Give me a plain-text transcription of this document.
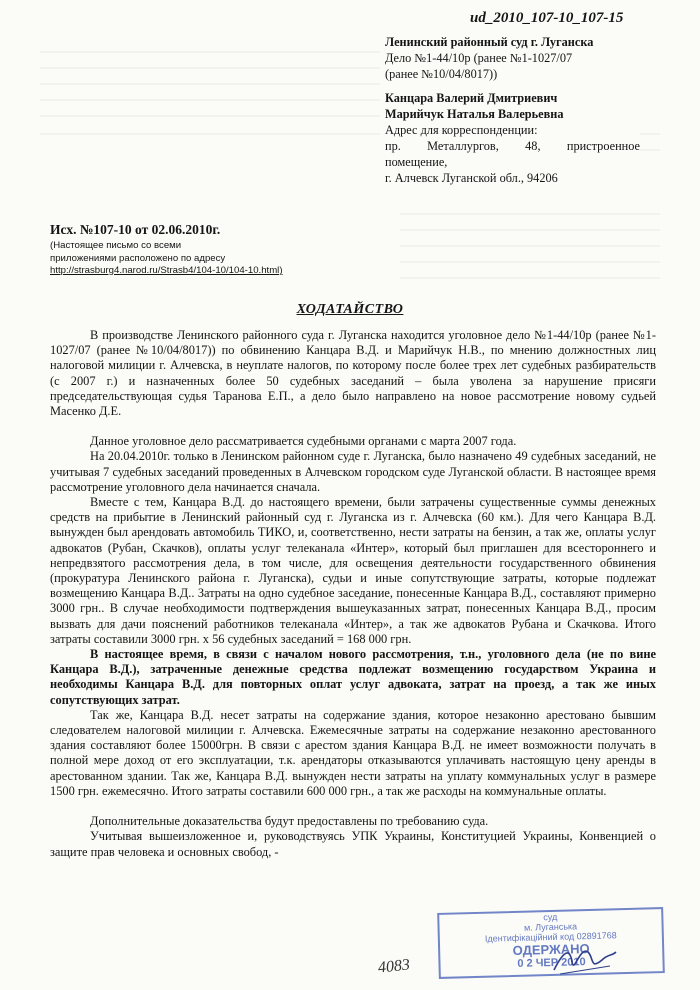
ud_2010_107-10_107-15
Ленинский районный суд г. Луганска
Дело №1-44/10р (ранее №1-1027/07
(ранее №10/04/8017))
Канцара Валерий Дмитриевич
Марийчук Наталья Валерьевна
Адрес для корреспонденции:
пр. Металлургов, 48, пристроенное
помещение,
г. Алчевск Луганской обл., 94206
Исх. №107-10 от 02.06.2010г.
(Настоящее письмо со всеми
приложениями расположено по адресу
http://strasburg4.narod.ru/Strasb4/104-10/104-10.html)
ХОДАТАЙСТВО

В производстве Ленинского районного суда г. Луганска находится уголовное дело №1-44/10р (ранее №1-1027/07 (ранее №10/04/8017)) по обвинению Канцара В.Д. и Марийчук Н.В., по мнению должностных лиц налоговой милиции г. Алчевска, в неуплате налогов, по которому после более трех лет судебных разбирательств (с 2007 г.) и назначенных более 50 судебных заседаний – была уволена за нарушение присяги председательствующая судья Таранова Е.П., а дело было направлено на новое рассмотрение новому судьей Масенко Д.Е.

Данное уголовное дело рассматривается судебными органами с марта 2007 года.

На 20.04.2010г. только в Ленинском районном суде г. Луганска, было назначено 49 судебных заседаний, не учитывая 7 судебных заседаний проведенных в Алчевском городском суде Луганской области. В настоящее время рассмотрение уголовного дела начинается сначала.

Вместе с тем, Канцара В.Д. до настоящего времени, были затрачены существенные суммы денежных средств на прибытие в Ленинский районный суд г. Луганска из г. Алчевска (60 км.). Для чего Канцара В.Д. вынужден был арендовать автомобиль ТИКО, и, соответственно, нести затраты на бензин, а так же, оплаты услуг адвокатов (Рубан, Скачков), оплаты услуг телеканала «Интер», который был приглашен для всестороннего и непредвзятого рассмотрения дела, в том числе, для освещения деятельности государственного обвинения (прокуратура Ленинского района г. Луганска), судьи и иные сопутствующие затраты, которые подлежат возмещению Канцара В.Д.. Затраты на одно судебное заседание, понесенные Канцара В.Д., составляют примерно 3000 грн.. В случае необходимости подтверждения вышеуказанных затрат, понесенных Канцара В.Д., просим вызвать для дачи пояснений работников телеканала «Интер», а так же адвокатов Рубана и Скачкова. Итого затраты составили 3000 грн. х 56 судебных заседаний = 168 000 грн.

В настоящее время, в связи с началом нового рассмотрения, т.н., уголовного дела (не по вине Канцара В.Д.), затраченные денежные средства подлежат возмещению государством Украина и необходимы Канцара В.Д. для повторных оплат услуг адвоката, затрат на проезд, а так же иных сопутствующих затрат.

Так же, Канцара В.Д. несет затраты на содержание здания, которое незаконно арестовано бывшим следователем налоговой милиции г. Алчевска. Ежемесячные затраты на содержание незаконно арестованного здания составляют более 15000грн. В связи с арестом здания Канцара В.Д. не имеет возможности получать в полной мере доход от его эксплуатации, т.к. арендаторы отказываются уплачивать настоящую цену аренды в арестованном здании. Так же, Канцара В.Д. вынужден нести затраты на уплату коммунальных услуг в размере 1500 грн. ежемесячно. Итого затраты составили 600 000 грн., а так же расходы на коммунальные оплаты.

Дополнительные доказательства будут предоставлены по требованию суда.

Учитывая вышеизложенное и, руководствуясь УПК Украины, Конституцией Украины, Конвенцией о защите прав человека и основных свобод, -

суд
м. Луганська
Ідентифікаційний код 02891768
ОДЕРЖАНО
0 2 ЧЕР 2010
4083
